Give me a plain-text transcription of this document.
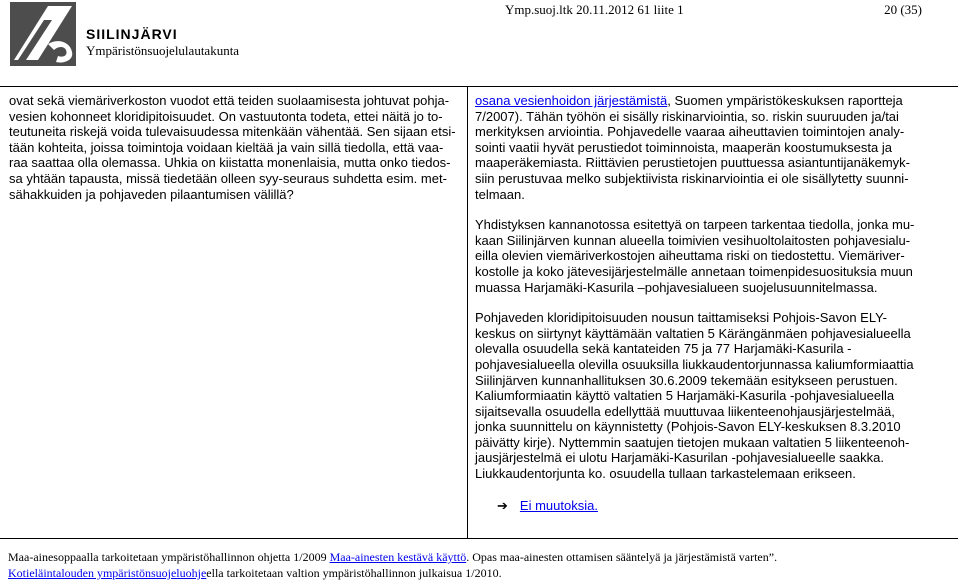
SIILINJÄRVI
Ympäristönsuojelulautakunta
Ymp.suoj.ltk 20.11.2012 61 liite 1	20 (35)

ovat sekä viemäriverkoston vuodot että teiden suolaamisesta johtuvat pohja-
vesien kohonneet kloridipitoisuudet. On vastuutonta todeta, ettei näitä jo to-
teutuneita riskejä voida tulevaisuudessa mitenkään vähentää. Sen sijaan etsi-
tään kohteita, joissa toimintoja voidaan kieltää ja vain sillä tiedolla, että vaa-
raa saattaa olla olemassa. Uhkia on kiistatta monenlaisia, mutta onko tiedos-
sa yhtään tapausta, missä tiedetään olleen syy-seuraus suhdetta esim. met-
sähakkuiden ja pohjaveden pilaantumisen välillä?

osana vesienhoidon järjestämistä, Suomen ympäristökeskuksen raportteja
7/2007). Tähän työhön ei sisälly riskinarviointia, so. riskin suuruuden ja/tai
merkityksen arviointia. Pohjavedelle vaaraa aiheuttavien toimintojen analy-
sointi vaatii hyvät perustiedot toiminnoista, maaperän koostumuksesta ja
maaperäkemiasta. Riittävien perustietojen puuttuessa asiantuntijanäkemyk-
siin perustuvaa melko subjektiivista riskinarviointia ei ole sisällytetty suunni-
telmaan.

Yhdistyksen kannanotossa esitettyä on tarpeen tarkentaa tiedolla, jonka mu-
kaan Siilinjärven kunnan alueella toimivien vesihuoltolaitosten pohjavesialu-
eilla olevien viemäriverkostojen aiheuttama riski on tiedostettu. Viemäriver-
kostolle ja koko jätevesijärjestelmälle annetaan toimenpidesuosituksia muun
muassa Harjamäki-Kasurila –pohjavesialueen suojelusuunnitelmassa.

Pohjaveden kloridipitoisuuden nousun taittamiseksi Pohjois-Savon ELY-
keskus on siirtynyt käyttämään valtatien 5 Kärängänmäen pohjavesialueella
olevalla osuudella sekä kantateiden 75 ja 77 Harjamäki-Kasurila -
pohjavesialueella olevilla osuuksilla liukkaudentorjunnassa kaliumformiaattia
Siilinjärven kunnanhallituksen 30.6.2009 tekemään esitykseen perustuen.
Kaliumformiaatin käyttö valtatien 5 Harjamäki-Kasurila -pohjavesialueella
sijaitsevalla osuudella edellyttää muuttuvaa liikenteenohjausjärjestelmää,
jonka suunnittelu on käynnistetty (Pohjois-Savon ELY-keskuksen 8.3.2010
päivätty kirje). Nyttemmin saatujen tietojen mukaan valtatien 5 liikenteenoh-
jausjärjestelmä ei ulotu Harjamäki-Kasurilan -pohjavesialueelle saakka.
Liukkaudentorjunta ko. osuudella tullaan tarkastelemaan erikseen.

➔ Ei muutoksia.

Maa-ainesoppaalla tarkoitetaan ympäristöhallinnon ohjetta 1/2009 Maa-ainesten kestävä käyttö. Opas maa-ainesten ottamisen sääntelyä ja järjestämistä varten”.

Kotieläintalouden ympäristönsuojeluohjeella tarkoitetaan valtion ympäristöhallinnon julkaisua 1/2010.
